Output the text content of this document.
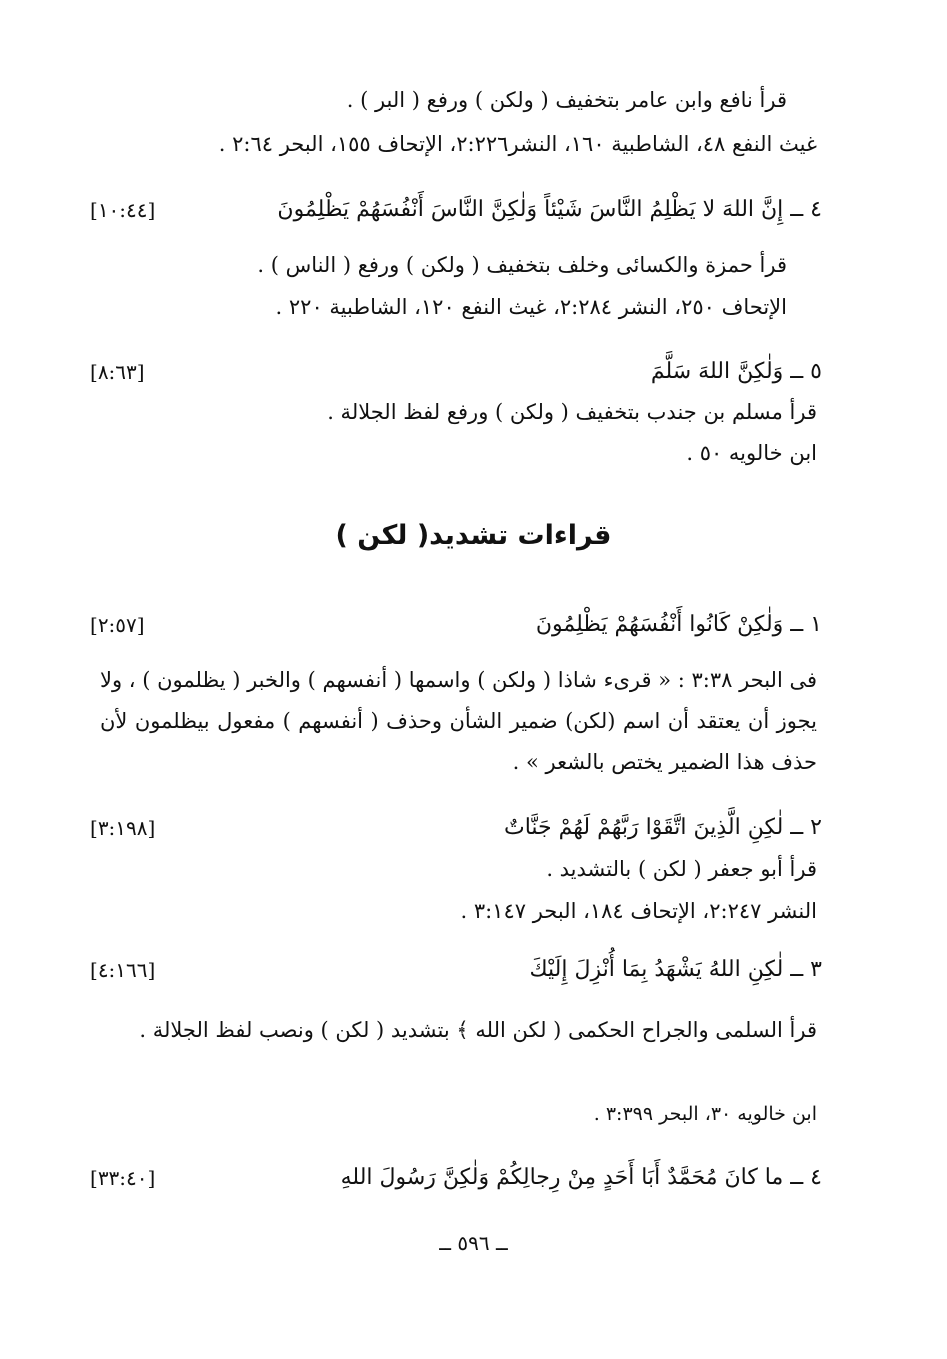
قرأ نافع وابن عامر بتخفيف ( ولكن ) ورفع ( البر ) .
غيث النفع ٤٨، الشاطبية ١٦٠، النشر٢:٢٢٦، الإتحاف ١٥٥، البحر ٢:٦٤ .
٤ ــ إِنَّ اللهَ لا يَظْلِمُ النَّاسَ شَيْئاً وَلٰكِنَّ النَّاسَ أَنْفُسَهُمْ يَظْلِمُونَ
[١٠:٤٤]
قرأ حمزة والكسائى وخلف بتخفيف ( ولكن ) ورفع ( الناس ) .
الإتحاف ٢٥٠، النشر ٢:٢٨٤، غيث النفع ١٢٠، الشاطبية ٢٢٠ .
٥ ــ وَلٰكِنَّ اللهَ سَلَّمَ
[٨:٦٣]
قرأ مسلم بن جندب بتخفيف ( ولكن ) ورفع لفظ الجلالة .
ابن خالويه ٥٠ .
قراءات تشديد( لكن )
١ ــ وَلٰكِنْ كَانُوا أَنْفُسَهُمْ يَظْلِمُونَ
[٢:٥٧]
فى البحر ٣:٣٨ : « قرىء شاذا ( ولكن ) واسمها ( أنفسهم ) والخبر ( يظلمون ) ، ولا يجوز أن يعتقد أن اسم (لكن) ضمير الشأن وحذف ( أنفسهم ) مفعول بيظلمون لأن حذف هذا الضمير يختص بالشعر » .
٢ ــ لٰكِنِ الَّذِينَ اتَّقَوْا رَبَّهُمْ لَهُمْ جَنَّاتٌ
[٣:١٩٨]
قرأ أبو جعفر ( لكن ) بالتشديد .
النشر ٢:٢٤٧، الإتحاف ١٨٤، البحر ٣:١٤٧ .
٣ ــ لٰكِنِ اللهُ يَشْهَدُ بِمَا أُنْزِلَ إِلَيْكَ
[٤:١٦٦]
قرأ السلمى والجراح الحكمى ( لكن الله ﴾ بتشديد ( لكن ) ونصب لفظ الجلالة .
ابن خالويه ٣٠، البحر ٣:٣٩٩ .
٤ ــ ما كانَ مُحَمَّدٌ أَبَا أَحَدٍ مِنْ رِجالِكُمْ وَلٰكِنَّ رَسُولَ اللهِ
[٣٣:٤٠]
ــ ٥٩٦ ــ
